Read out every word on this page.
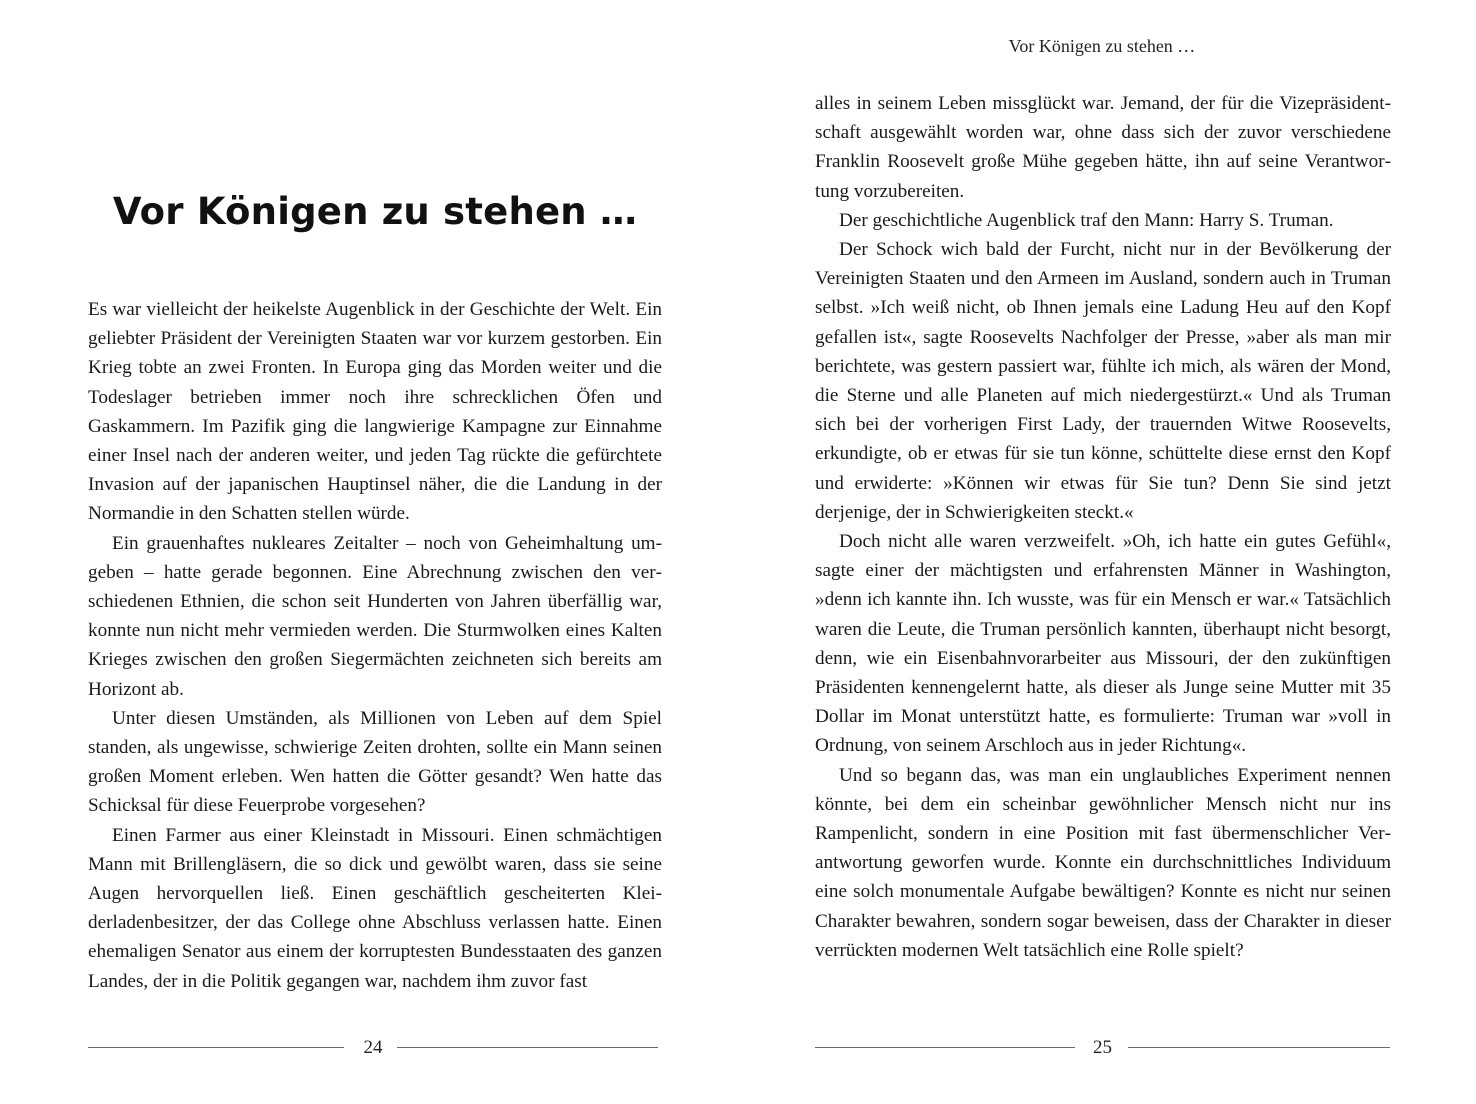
Vor Königen zu stehen …

Es war vielleicht der heikelste Augenblick in der Geschichte der Welt. Ein geliebter Präsident der Vereinigten Staaten war vor kurzem gestorben. Ein Krieg tobte an zwei Fronten. In Europa ging das Morden weiter und die Todeslager betrieben immer noch ihre schrecklichen Öfen und Gaskammern. Im Pazifik ging die langwierige Kampagne zur Einnahme einer Insel nach der anderen weiter, und jeden Tag rückte die gefürchtete Invasion auf der japanischen Hauptinsel näher, die die Landung in der Normandie in den Schatten stellen würde.

Ein grauenhaftes nukleares Zeitalter – noch von Geheimhaltung umgeben – hatte gerade begonnen. Eine Abrechnung zwischen den verschiedenen Ethnien, die schon seit Hunderten von Jahren überfällig war, konnte nun nicht mehr vermieden werden. Die Sturmwolken eines Kalten Krieges zwischen den großen Siegermächten zeichneten sich bereits am Horizont ab.

Unter diesen Umständen, als Millionen von Leben auf dem Spiel standen, als ungewisse, schwierige Zeiten drohten, sollte ein Mann seinen großen Moment erleben. Wen hatten die Götter gesandt? Wen hatte das Schicksal für diese Feuerprobe vorgesehen?

Einen Farmer aus einer Kleinstadt in Missouri. Einen schmächtigen Mann mit Brillengläsern, die so dick und gewölbt waren, dass sie seine Augen hervorquellen ließ. Einen geschäftlich gescheiterten Kleiderladenbesitzer, der das College ohne Abschluss verlassen hatte. Einen ehemaligen Senator aus einem der korruptesten Bundesstaaten des ganzen Landes, der in die Politik gegangen war, nachdem ihm zuvor fast

24
Vor Königen zu stehen …

alles in seinem Leben missglückt war. Jemand, der für die Vizepräsidentschaft ausgewählt worden war, ohne dass sich der zuvor verschiedene Franklin Roosevelt große Mühe gegeben hätte, ihn auf seine Verantwortung vorzubereiten.

Der geschichtliche Augenblick traf den Mann: Harry S. Truman.

Der Schock wich bald der Furcht, nicht nur in der Bevölkerung der Vereinigten Staaten und den Armeen im Ausland, sondern auch in Truman selbst. »Ich weiß nicht, ob Ihnen jemals eine Ladung Heu auf den Kopf gefallen ist«, sagte Roosevelts Nachfolger der Presse, »aber als man mir berichtete, was gestern passiert war, fühlte ich mich, als wären der Mond, die Sterne und alle Planeten auf mich niedergestürzt.« Und als Truman sich bei der vorherigen First Lady, der trauernden Witwe Roosevelts, erkundigte, ob er etwas für sie tun könne, schüttelte diese ernst den Kopf und erwiderte: »Können wir etwas für Sie tun? Denn Sie sind jetzt derjenige, der in Schwierigkeiten steckt.«

Doch nicht alle waren verzweifelt. »Oh, ich hatte ein gutes Gefühl«, sagte einer der mächtigsten und erfahrensten Männer in Washington, »denn ich kannte ihn. Ich wusste, was für ein Mensch er war.« Tatsächlich waren die Leute, die Truman persönlich kannten, überhaupt nicht besorgt, denn, wie ein Eisenbahnvorarbeiter aus Missouri, der den zukünftigen Präsidenten kennengelernt hatte, als dieser als Junge seine Mutter mit 35 Dollar im Monat unterstützt hatte, es formulierte: Truman war »voll in Ordnung, von seinem Arschloch aus in jeder Richtung«.

Und so begann das, was man ein unglaubliches Experiment nennen könnte, bei dem ein scheinbar gewöhnlicher Mensch nicht nur ins Rampenlicht, sondern in eine Position mit fast übermenschlicher Verantwortung geworfen wurde. Konnte ein durchschnittliches Individuum eine solch monumentale Aufgabe bewältigen? Konnte es nicht nur seinen Charakter bewahren, sondern sogar beweisen, dass der Charakter in dieser verrückten modernen Welt tatsächlich eine Rolle spielt?

25
